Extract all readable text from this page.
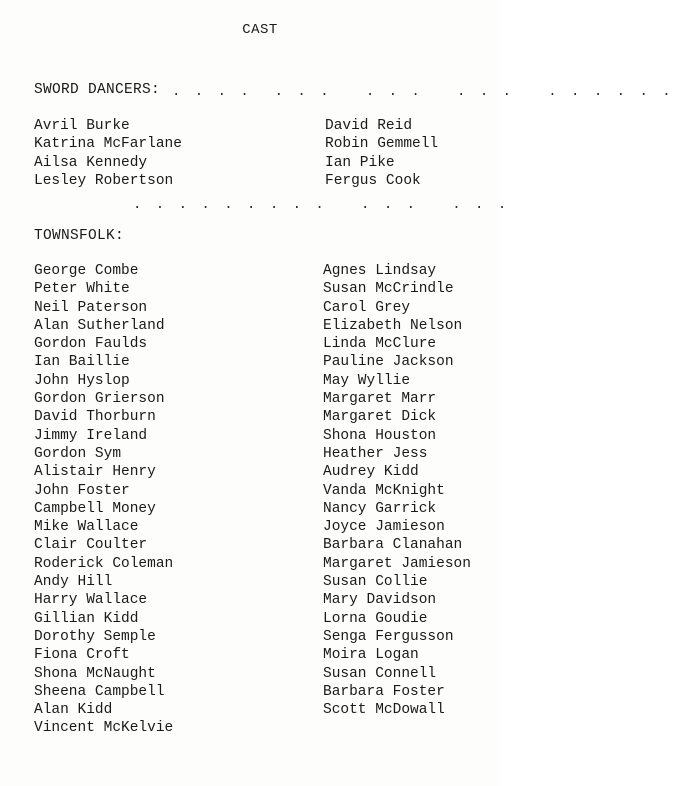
CAST
SWORD DANCERS: . . . .  . . .   . . .   . . .   . . . . . .
Avril Burke
Katrina McFarlane
Ailsa Kennedy
Lesley Robertson
David Reid
Robin Gemmell
Ian Pike
Fergus Cook
. . . . . . . . .   . . .   . . .
TOWNSFOLK:
George Combe
Peter White
Neil Paterson
Alan Sutherland
Gordon Faulds
Ian Baillie
John Hyslop
Gordon Grierson
David Thorburn
Jimmy Ireland
Gordon Sym
Alistair Henry
John Foster
Campbell Money
Mike Wallace
Clair Coulter
Roderick Coleman
Andy Hill
Harry Wallace
Gillian Kidd
Dorothy Semple
Fiona Croft
Shona McNaught
Sheena Campbell
Alan Kidd
Vincent McKelvie
Agnes Lindsay
Susan McCrindle
Carol Grey
Elizabeth Nelson
Linda McClure
Pauline Jackson
May Wyllie
Margaret Marr
Margaret Dick
Shona Houston
Heather Jess
Audrey Kidd
Vanda McKnight
Nancy Garrick
Joyce Jamieson
Barbara Clanahan
Margaret Jamieson
Susan Collie
Mary Davidson
Lorna Goudie
Senga Fergusson
Moira Logan
Susan Connell
Barbara Foster
Scott McDowall
